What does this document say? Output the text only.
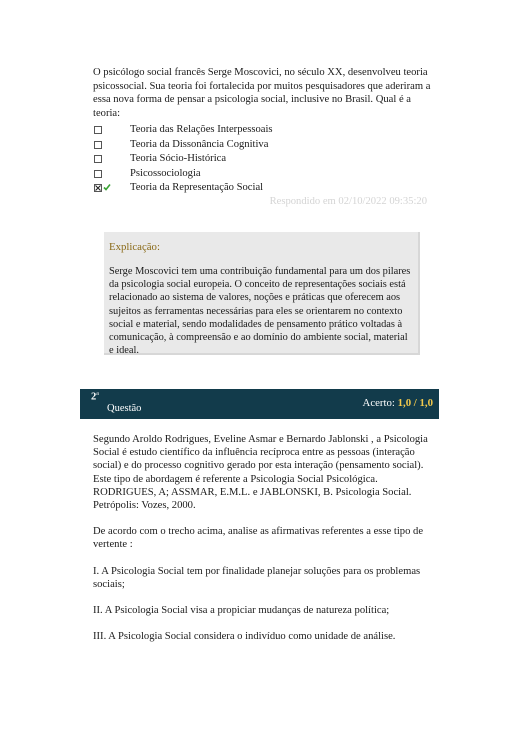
O psicólogo social francês Serge Moscovici, no século XX, desenvolveu teoria psicossocial. Sua teoria foi fortalecida por muitos pesquisadores que aderiram a essa nova forma de pensar a psicologia social, inclusive no Brasil. Qual é a teoria:
Teoria das Relações Interpessoais
Teoria da Dissonância Cognitiva
Teoria Sócio-Histórica
Psicossociologia
Teoria da Representação Social
Respondido em 02/10/2022 09:35:20
Explicação:
Serge Moscovici tem uma contribuição fundamental para um dos pilares da psicologia social europeia. O conceito de representações sociais está relacionado ao sistema de valores, noções e práticas que oferecem aos sujeitos as ferramentas necessárias para eles se orientarem no contexto social e material, sendo modalidades de pensamento prático voltadas à comunicação, à compreensão e ao domínio do ambiente social, material e ideal.
2$^a$
Questão	Acerto: 1,0 / 1,0

Segundo Aroldo Rodrigues, Eveline Asmar e Bernardo Jablonski , a Psicologia Social é estudo científico da influência recíproca entre as pessoas (interação social) e do processo cognitivo gerado por esta interação (pensamento social). Este tipo de abordagem é referente a Psicologia Social Psicológica. RODRIGUES, A; ASSMAR, E.M.L. e JABLONSKI, B. Psicologia Social. Petrópolis: Vozes, 2000.

De acordo com o trecho acima, analise as afirmativas referentes a esse tipo de vertente :

I. A Psicologia Social tem por finalidade planejar soluções para os problemas sociais;

II. A Psicologia Social visa a propiciar mudanças de natureza política;

III. A Psicologia Social considera o indivíduo como unidade de análise.
